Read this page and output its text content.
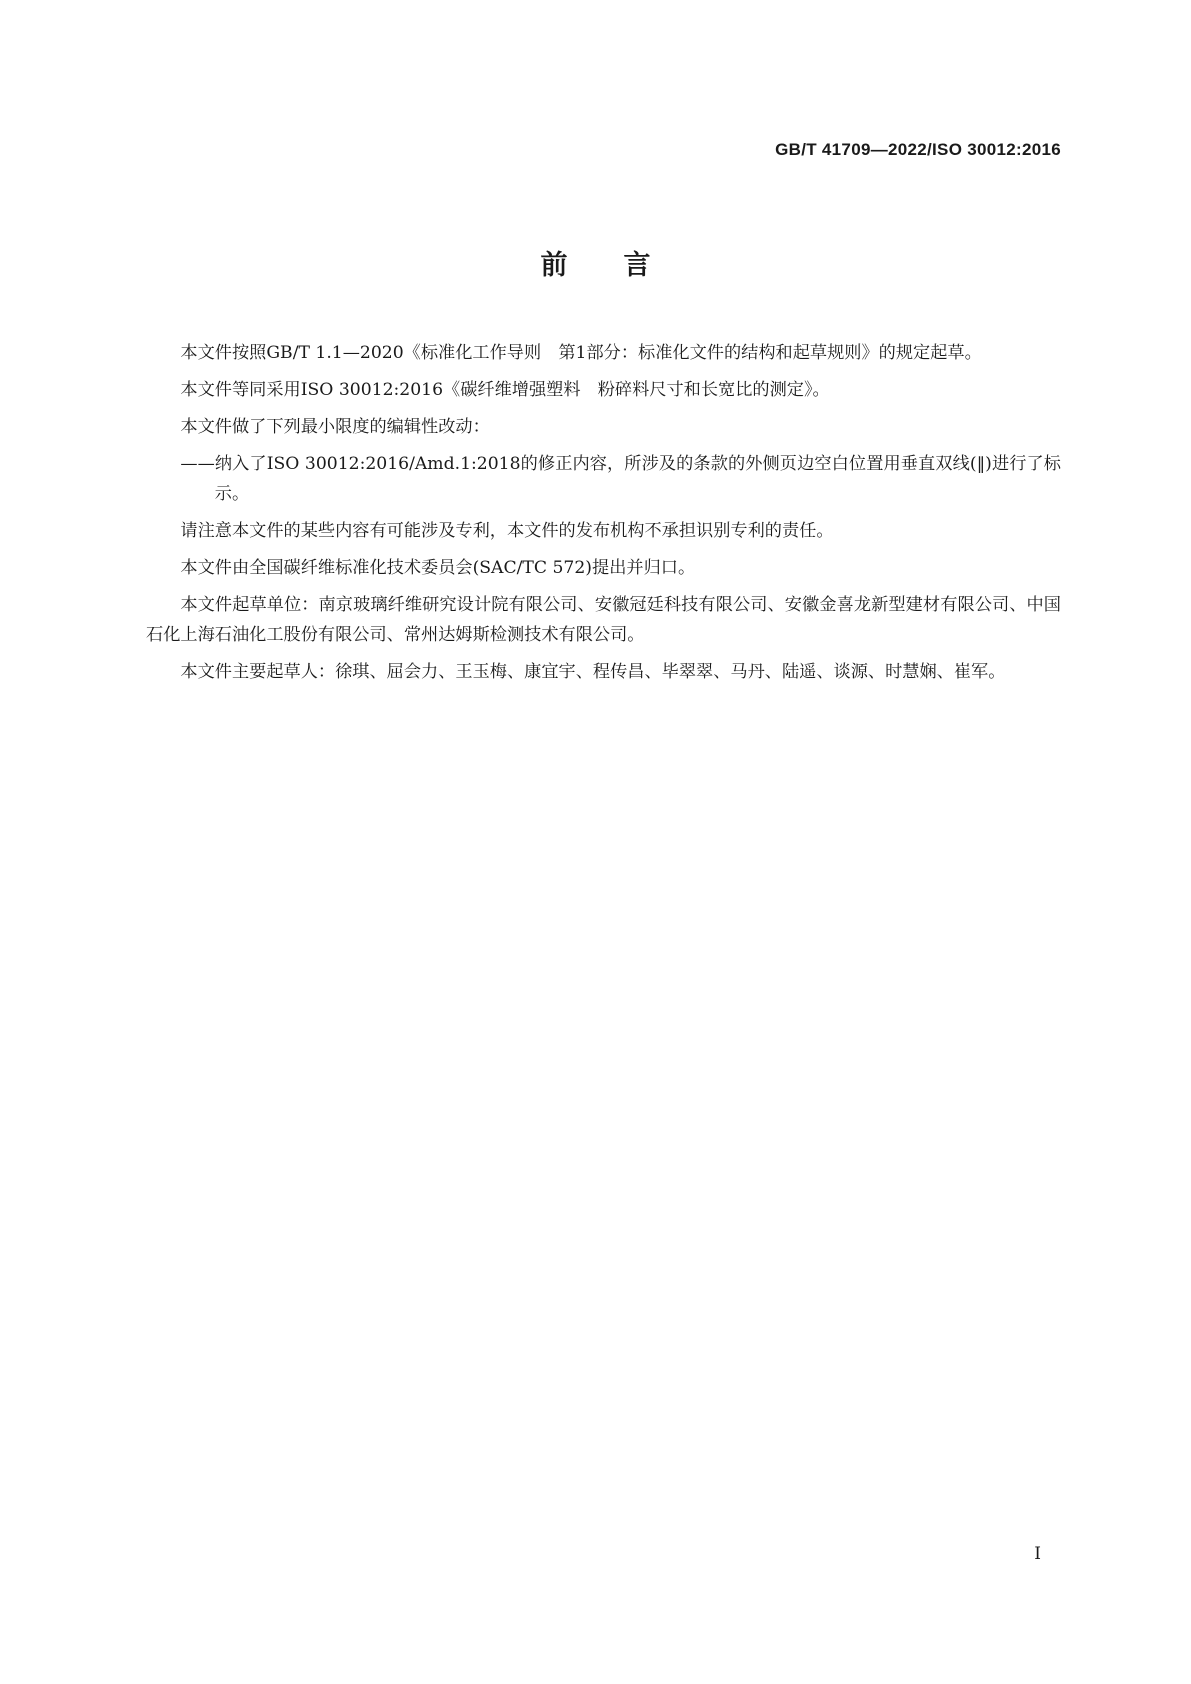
GB/T 41709—2022/ISO 30012:2016
前言

本文件按照GB/T 1.1—2020《标准化工作导则　第1部分：标准化文件的结构和起草规则》的规定起草。

本文件等同采用ISO 30012:2016《碳纤维增强塑料　粉碎料尺寸和长宽比的测定》。

本文件做了下列最小限度的编辑性改动：

——纳入了ISO 30012:2016/Amd.1:2018的修正内容，所涉及的条款的外侧页边空白位置用垂直双线(‖)进行了标示。

请注意本文件的某些内容有可能涉及专利，本文件的发布机构不承担识别专利的责任。

本文件由全国碳纤维标准化技术委员会(SAC/TC 572)提出并归口。

本文件起草单位：南京玻璃纤维研究设计院有限公司、安徽冠廷科技有限公司、安徽金喜龙新型建材有限公司、中国石化上海石油化工股份有限公司、常州达姆斯检测技术有限公司。

本文件主要起草人：徐琪、屈会力、王玉梅、康宜宇、程传昌、毕翠翠、马丹、陆遥、谈源、时慧娴、崔军。

Ⅰ
